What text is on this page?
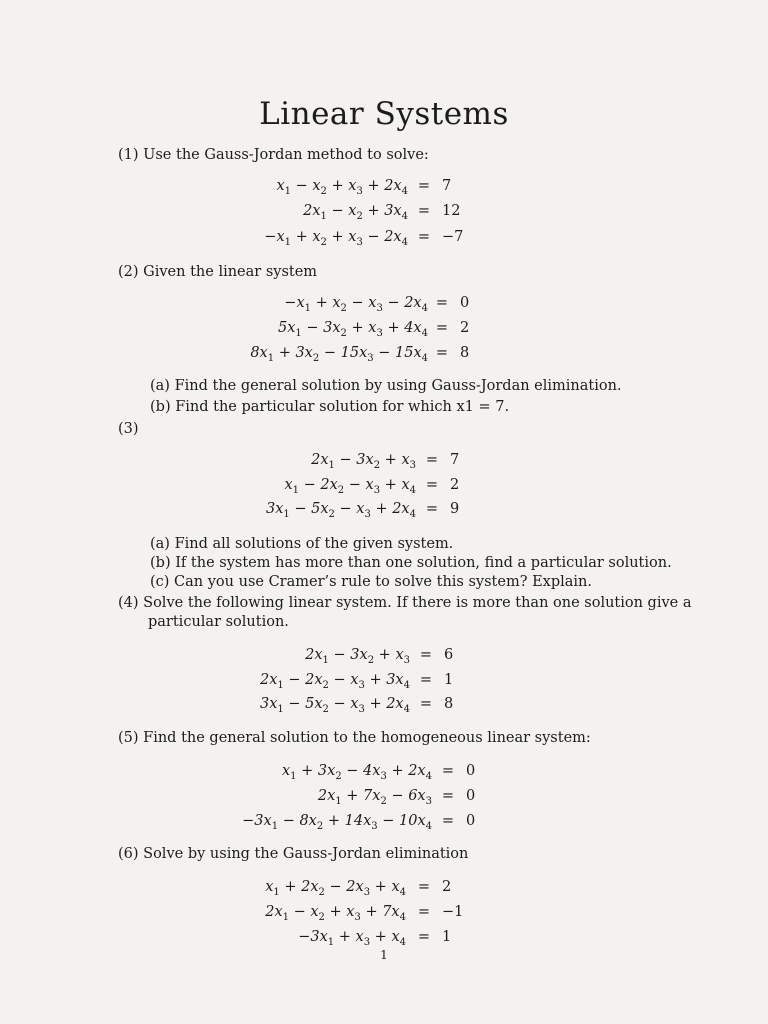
Linear Systems
(1) Use the Gauss-Jordan method to solve:
$x_1 - x_2 + x_3 + 2x_4 = 7$
$2x_1 - x_2 + 3x_4 = 12$
$-x_1 + x_2 + x_3 - 2x_4 = -7$
(2) Given the linear system
$-x_1 + x_2 - x_3 - 2x_4 = 0$
$5x_1 - 3x_2 + x_3 + 4x_4 = 2$
$8x_1 + 3x_2 - 15x_3 - 15x_4 = 8$
(a) Find the general solution by using Gauss-Jordan elimination.
(b) Find the particular solution for which x1 = 7.
(3)
$2x_1 - 3x_2 + x_3 = 7$
$x_1 - 2x_2 - x_3 + x_4 = 2$
$3x_1 - 5x_2 - x_3 + 2x_4 = 9$
(a) Find all solutions of the given system.
(b) If the system has more than one solution, find a particular solution.
(c) Can you use Cramer’s rule to solve this system? Explain.
(4) Solve the following linear system. If there is more than one solution give a
particular solution.
$2x_1 - 3x_2 + x_3 = 6$
$2x_1 - 2x_2 - x_3 + 3x_4 = 1$
$3x_1 - 5x_2 - x_3 + 2x_4 = 8$
(5) Find the general solution to the homogeneous linear system:
$x_1 + 3x_2 - 4x_3 + 2x_4 = 0$
$2x_1 + 7x_2 - 6x_3 = 0$
$-3x_1 - 8x_2 + 14x_3 - 10x_4 = 0$
(6) Solve by using the Gauss-Jordan elimination
$x_1 + 2x_2 - 2x_3 + x_4 = 2$
$2x_1 - x_2 + x_3 + 7x_4 = -1$
$-3x_1 + x_3 + x_4 = 1$
1
